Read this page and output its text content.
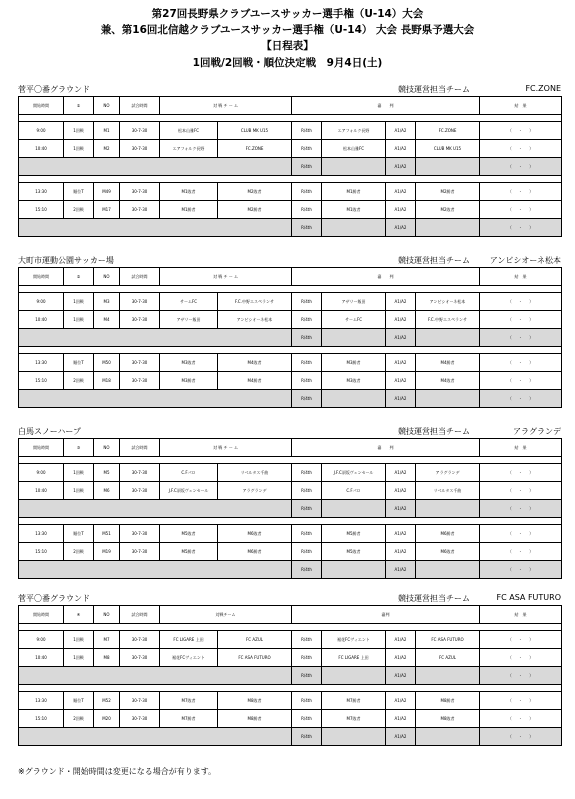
第27回長野県クラブユースサッカー選手権（U-14）大会
兼、第16回北信越クラブユースサッカー選手権（U-14） 大会 長野県予選大会
【日程表】
1回戦/2回戦・順位決定戦　9月4日(土)
菅平〇番グラウンド	競技運営担当チーム	FC.ZONE
開始時間	①	NO	試合時間	対 戦 チ ー ム		審　　判				結　果

9:00	1回戦	M1	30-7-30	松本山雅FC	CLUB MK U15	R/4th	エアフォルク長野	A1/A2	FC.ZONE	（　　-　　）
10:40	1回戦	M2	30-7-30	エアフォルク長野	FC.ZONE	R/4th	松本山雅FC	A1/A2	CLUB MK U15	（　　-　　）
						R/4th		A1/A2		（　　-　　）

13:30	順位T	M49	30-7-30	M1敗者	M2敗者	R/4th	M1勝者	A1/A2	M2勝者	（　　-　　）
15:10	2回戦	M17	30-7-30	M1勝者	M2勝者	R/4th	M1敗者	A1/A2	M2敗者	（　　-　　）
						R/4th		A1/A2		（　　-　　）
大町市運動公園サッカー場	競技運営担当チーム アンビシオーネ松本
開始時間	②	NO	試合時間	対 戦 チ ー ム		審　　判				結　果

9:00	1回戦	M3	30-7-30	サームFC	F.C.中野エスペランサ	R/4th	アザリー飯田	A1/A2	アンビシオーネ松本	（　　-　　）
10:40	1回戦	M4	30-7-30	アザリー飯田	アンビシオーネ松本	R/4th	サームFC	A1/A2	F.C.中野エスペランサ	（　　-　　）
						R/4th		A1/A2		（　　-　　）

13:30	順位T	M50	30-7-30	M3敗者	M4敗者	R/4th	M3勝者	A1/A2	M4勝者	（　　-　　）
15:10	2回戦	M18	30-7-30	M3勝者	M4勝者	R/4th	M3敗者	A1/A2	M4敗者	（　　-　　）
						R/4th		A1/A2		（　　-　　）
白馬スノーハープ	競技運営担当チーム	アラグランデ
開始時間	③	NO	試合時間	対 戦 チ ー ム		審　　判				結　果

9:00	1回戦	M5	30-7-30	C.Fパロ	リベルタス千曲	R/4th	J.F.C須坂ヴェンセール	A1/A2	アラグランデ	（　　-　　）
10:40	1回戦	M6	30-7-30	J.F.C須坂ヴェンセール	アラグランデ	R/4th	C.Fパロ	A1/A2	リベルタス千曲	（　　-　　）
						R/4th		A1/A2		（　　-　　）

13:30	順位T	M51	30-7-30	M5敗者	M6敗者	R/4th	M5勝者	A1/A2	M6勝者	（　　-　　）
15:10	2回戦	M19	30-7-30	M5勝者	M6勝者	R/4th	M5敗者	A1/A2	M6敗者	（　　-　　）
						R/4th		A1/A2		（　　-　　）
菅平〇番グラウンド	競技運営担当チーム	FC ASA FUTURO
開始時間	④	NO	試合時間	対戦チーム		審判				結　果

9:00	1回戦	M7	30-7-30	FC LIGARE 上田	FC AZUL	R/4th	裾花FCヴィエント	A1/A2	FC ASA FUTURO	（　　-　　）
10:40	1回戦	M8	30-7-30	裾花FCヴィエント	FC ASA FUTURO	R/4th	FC LIGARE 上田	A1/A2	FC AZUL	（　　-　　）
						R/4th		A1/A2		（　　-　　）

13:30	順位T	M52	30-7-30	M7敗者	M8敗者	R/4th	M7勝者	A1/A2	M8勝者	（　　-　　）
15:10	2回戦	M20	30-7-30	M7勝者	M8勝者	R/4th	M7敗者	A1/A2	M8敗者	（　　-　　）
						R/4th		A1/A2		（　　-　　）
※グラウンド・開始時間は変更になる場合が有ります。
